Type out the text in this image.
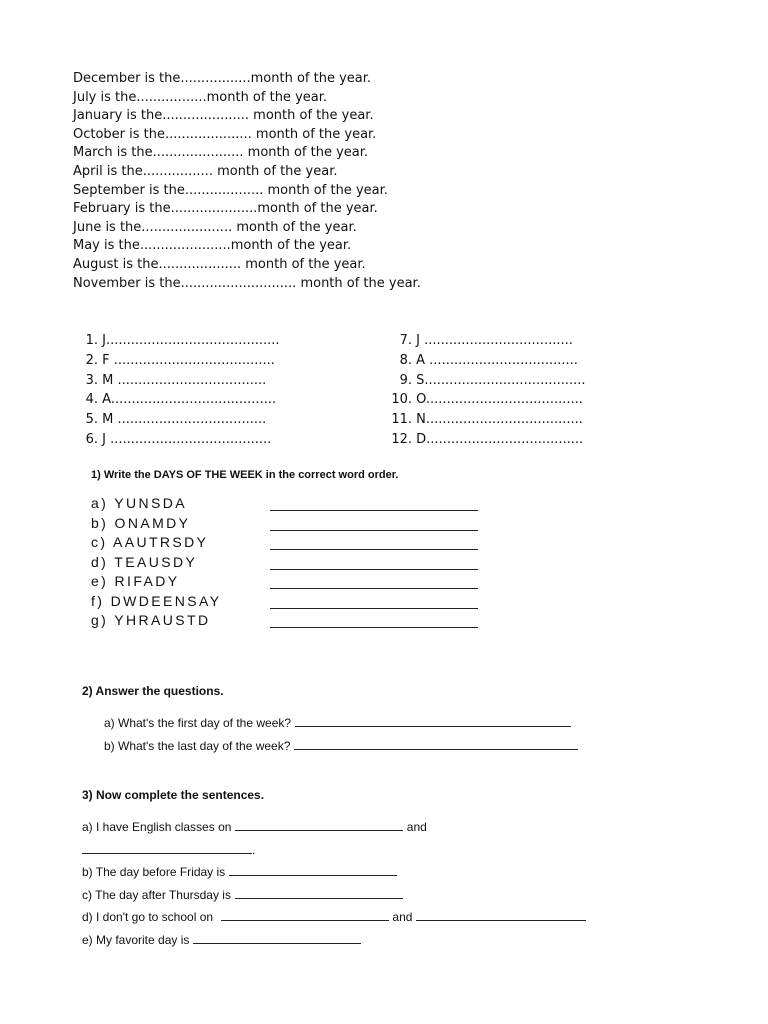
December is the.................month of the year.
July is the.................month of the year.
January is the..................... month of the year.
October is the..................... month of the year.
March is the...................... month of the year.
April is the................. month of the year.
September is the................... month of the year.
February is the.....................month of the year.
June is the...................... month of the year.
May is the......................month of the year.
August is the.................... month of the year.
November is the............................ month of the year.
1. J..........................................
2. F .......................................
3. M ....................................
4. A........................................
5. M ....................................
6. J .......................................
7. J ....................................
8. A ....................................
9. S.......................................
10. O......................................
11. N......................................
12. D......................................
1) Write the DAYS OF THE WEEK in the correct word order.
a) YUNSDA
b) ONAMDY
c) AAUTRSDY
d) TEAUSDY
e) RIFADY
f) DWDEENSAY
g) YHRAUSTD
2) Answer the questions.
a) What's the first day of the week?
b) What's the last day of the week?
3) Now complete the sentences.
a) I have English classes on	and
.
b) The day before Friday is
c) The day after Thursday is
d) I don't go to school on	and
e) My favorite day is
